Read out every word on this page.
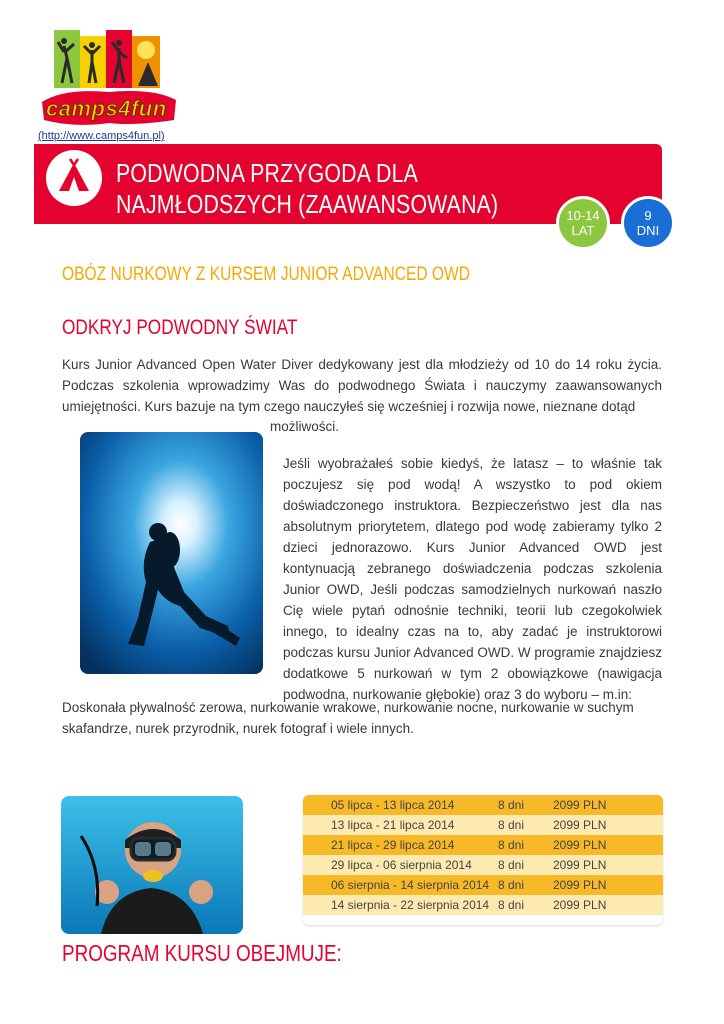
camps4fun
(http://www.camps4fun.pl)
PODWODNA PRZYGODA DLA
NAJMŁODSZYCH (ZAAWANSOWANA)	10-14
LAT
9
DNI
OBÓZ NURKOWY Z KURSEM JUNIOR ADVANCED OWD
ODKRYJ PODWODNY ŚWIAT
Kurs Junior Advanced Open Water Diver dedykowany jest dla młodzieży od 10 do 14 roku życia. Podczas szkolenia wprowadzimy Was do podwodnego Świata i nauczymy zaawansowanych umiejętności. Kurs bazuje na tym czego nauczyłeś się wcześniej i rozwija nowe, nieznane dotąd
możliwości.
Jeśli wyobrażałeś sobie kiedyś, że latasz – to właśnie tak poczujesz się pod wodą! A wszystko to pod okiem doświadczonego instruktora. Bezpieczeństwo jest dla nas absolutnym priorytetem, dlatego pod wodę zabieramy tylko 2 dzieci jednorazowo. Kurs Junior Advanced OWD jest kontynuacją zebranego doświadczenia podczas szkolenia Junior OWD, Jeśli podczas samodzielnych nurkowań naszło Cię wiele pytań odnośnie techniki, teorii lub czegokolwiek innego, to idealny czas na to, aby zadać je instruktorowi podczas kursu Junior Advanced OWD. W programie znajdziesz dodatkowe 5 nurkowań w tym 2 obowiązkowe (nawigacja podwodna, nurkowanie głębokie) oraz 3 do wyboru – m.in:
Doskonała pływalność zerowa, nurkowanie wrakowe, nurkowanie nocne, nurkowanie w suchym skafandrze, nurek przyrodnik, nurek fotograf i wiele innych.
05 lipca - 13 lipca 2014	8 dni	2099 PLN
13 lipca - 21 lipca 2014	8 dni	2099 PLN
21 lipca - 29 lipca 2014	8 dni	2099 PLN
29 lipca - 06 sierpnia 2014	8 dni	2099 PLN
06 sierpnia - 14 sierpnia 2014 8 dni	2099 PLN
14 sierpnia - 22 sierpnia 2014 8 dni	2099 PLN
PROGRAM KURSU OBEJMUJE:
